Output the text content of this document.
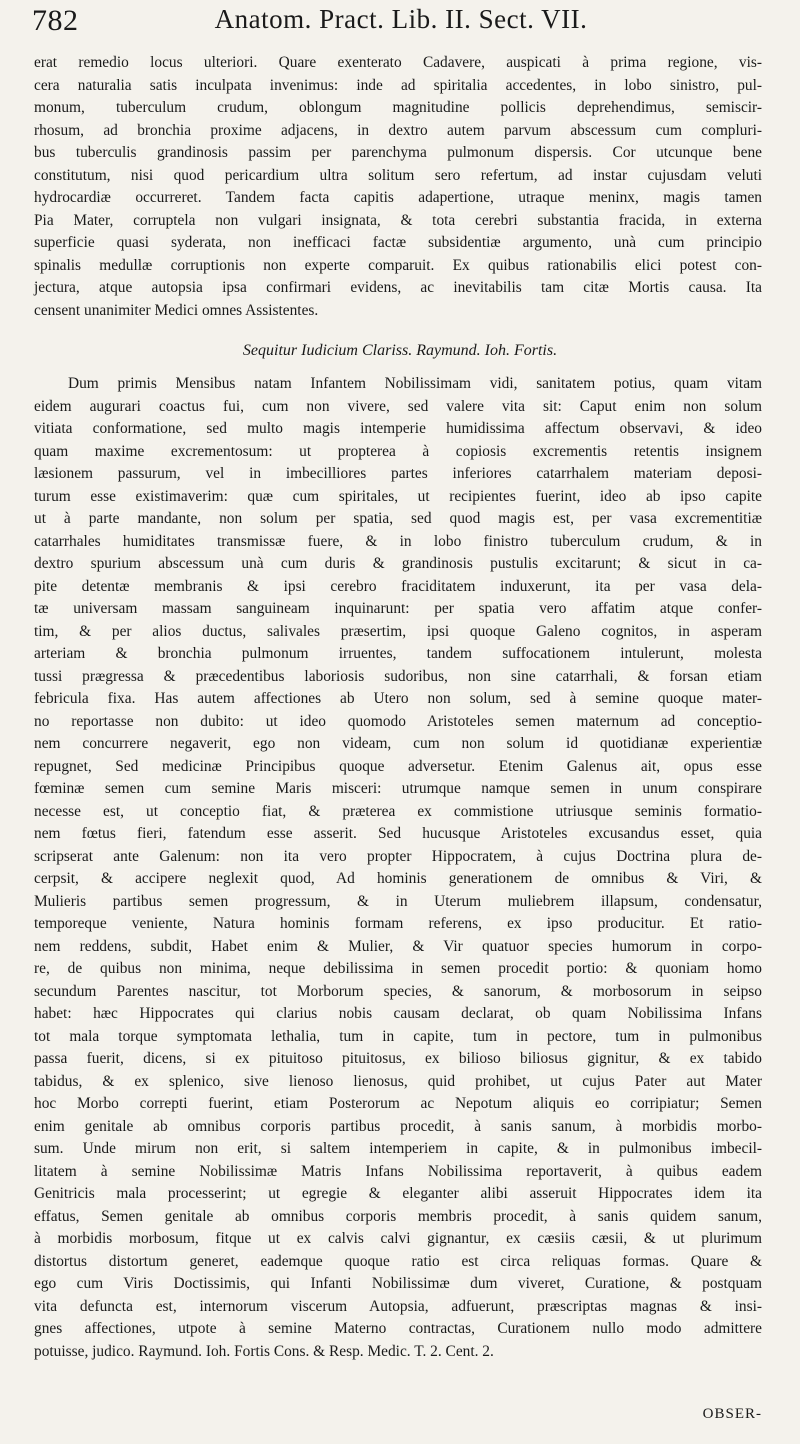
782	Anatom. Pract. Lib. II. Sect. VII.
erat remedio locus ulteriori. Quare exenterato Cadavere, auspicati à prima regione, vis-
cera naturalia satis inculpata invenimus: inde ad spiritalia accedentes, in lobo sinistro, pul-
monum, tuberculum crudum, oblongum magnitudine pollicis deprehendimus, semiscir-
rhosum, ad bronchia proxime adjacens, in dextro autem parvum abscessum cum compluri-
bus tuberculis grandinosis passim per parenchyma pulmonum dispersis. Cor utcunque bene
constitutum, nisi quod pericardium ultra solitum sero refertum, ad instar cujusdam veluti
hydrocardiæ occurreret. Tandem facta capitis adapertione, utraque meninx, magis tamen
Pia Mater, corruptela non vulgari insignata, & tota cerebri substantia fracida, in externa
superficie quasi syderata, non inefficaci factæ subsidentiæ argumento, unà cum principio
spinalis medullæ corruptionis non experte comparuit. Ex quibus rationabilis elici potest con-
jectura, atque autopsia ipsa confirmari evidens, ac inevitabilis tam citæ Mortis causa. Ita
censent unanimiter Medici omnes Assistentes.
Sequitur Iudicium Clariss. Raymund. Ioh. Fortis.
Dum primis Mensibus natam Infantem Nobilissimam vidi, sanitatem potius, quam vitam
eidem augurari coactus fui, cum non vivere, sed valere vita sit: Caput enim non solum
vitiata conformatione, sed multo magis intemperie humidissima affectum observavi, & ideo
quam maxime excrementosum: ut propterea à copiosis excrementis retentis insignem
læsionem passurum, vel in imbecilliores partes inferiores catarrhalem materiam deposi-
turum esse existimaverim: quæ cum spiritales, ut recipientes fuerint, ideo ab ipso capite
ut à parte mandante, non solum per spatia, sed quod magis est, per vasa excrementitiæ
catarrhales humiditates transmissæ fuere, & in lobo finistro tuberculum crudum, & in
dextro spurium abscessum unà cum duris & grandinosis pustulis excitarunt; & sicut in ca-
pite detentæ membranis & ipsi cerebro fraciditatem induxerunt, ita per vasa dela-
tæ universam massam sanguineam inquinarunt: per spatia vero affatim atque confer-
tim, & per alios ductus, salivales præsertim, ipsi quoque Galeno cognitos, in asperam
arteriam & bronchia pulmonum irruentes, tandem suffocationem intulerunt, molesta
tussi prægressa & præcedentibus laboriosis sudoribus, non sine catarrhali, & forsan etiam
febricula fixa. Has autem affectiones ab Utero non solum, sed à semine quoque mater-
no reportasse non dubito: ut ideo quomodo Aristoteles semen maternum ad conceptio-
nem concurrere negaverit, ego non videam, cum non solum id quotidianæ experientiæ
repugnet, Sed medicinæ Principibus quoque adversetur. Etenim Galenus ait, opus esse
fœminæ semen cum semine Maris misceri: utrumque namque semen in unum conspirare
necesse est, ut conceptio fiat, & præterea ex commistione utriusque seminis formatio-
nem fœtus fieri, fatendum esse asserit. Sed hucusque Aristoteles excusandus esset, quia
scripserat ante Galenum: non ita vero propter Hippocratem, à cujus Doctrina plura de-
cerpsit, & accipere neglexit quod, Ad hominis generationem de omnibus & Viri, &
Mulieris partibus semen progressum, & in Uterum muliebrem illapsum, condensatur,
temporeque veniente, Natura hominis formam referens, ex ipso producitur. Et ratio-
nem reddens, subdit, Habet enim & Mulier, & Vir quatuor species humorum in corpo-
re, de quibus non minima, neque debilissima in semen procedit portio: & quoniam homo
secundum Parentes nascitur, tot Morborum species, & sanorum, & morbosorum in seipso
habet: hæc Hippocrates qui clarius nobis causam declarat, ob quam Nobilissima Infans
tot mala torque symptomata lethalia, tum in capite, tum in pectore, tum in pulmonibus
passa fuerit, dicens, si ex pituitoso pituitosus, ex bilioso biliosus gignitur, & ex tabido
tabidus, & ex splenico, sive lienoso lienosus, quid prohibet, ut cujus Pater aut Mater
hoc Morbo correpti fuerint, etiam Posterorum ac Nepotum aliquis eo corripiatur; Semen
enim genitale ab omnibus corporis partibus procedit, à sanis sanum, à morbidis morbo-
sum. Unde mirum non erit, si saltem intemperiem in capite, & in pulmonibus imbecil-
litatem à semine Nobilissimæ Matris Infans Nobilissima reportaverit, à quibus eadem
Genitricis mala processerint; ut egregie & eleganter alibi asseruit Hippocrates idem ita
effatus, Semen genitale ab omnibus corporis membris procedit, à sanis quidem sanum,
à morbidis morbosum, fitque ut ex calvis calvi gignantur, ex cæsiis cæsii, & ut plurimum
distortus distortum generet, eademque quoque ratio est circa reliquas formas. Quare &
ego cum Viris Doctissimis, qui Infanti Nobilissimæ dum viveret, Curatione, & postquam
vita defuncta est, internorum viscerum Autopsia, adfuerunt, præscriptas magnas & insi-
gnes affectiones, utpote à semine Materno contractas, Curationem nullo modo admittere
potuisse, judico. Raymund. Ioh. Fortis Cons. & Resp. Medic. T. 2. Cent. 2.
OBSER-
